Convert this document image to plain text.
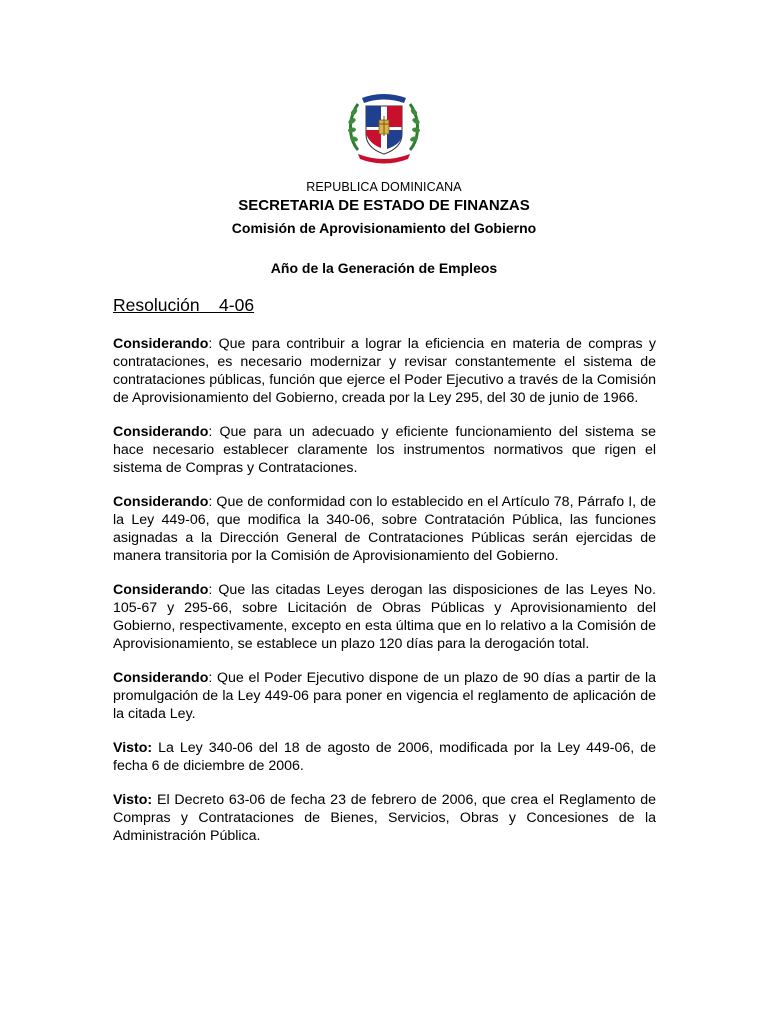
REPUBLICA DOMINICANA
SECRETARIA DE ESTADO DE FINANZAS
Comisión de Aprovisionamiento del Gobierno
Año de la Generación de Empleos
Resolución 4-06

Considerando: Que para contribuir a lograr la eficiencia en materia de compras y contrataciones, es necesario modernizar y revisar constantemente el sistema de contrataciones públicas, función que ejerce el Poder Ejecutivo a través de la Comisión de Aprovisionamiento del Gobierno, creada por la Ley 295, del 30 de junio de 1966.

Considerando: Que para un adecuado y eficiente funcionamiento del sistema se hace necesario establecer claramente los instrumentos normativos que rigen el sistema de Compras y Contrataciones.

Considerando: Que de conformidad con lo establecido en el Artículo 78, Párrafo I, de la Ley 449-06, que modifica la 340-06, sobre Contratación Pública, las funciones asignadas a la Dirección General de Contrataciones Públicas serán ejercidas de manera transitoria por la Comisión de Aprovisionamiento del Gobierno.

Considerando: Que las citadas Leyes derogan las disposiciones de las Leyes No. 105-67 y 295-66, sobre Licitación de Obras Públicas y Aprovisionamiento del Gobierno, respectivamente, excepto en esta última que en lo relativo a la Comisión de Aprovisionamiento, se establece un plazo 120 días para la derogación total.

Considerando: Que el Poder Ejecutivo dispone de un plazo de 90 días a partir de la promulgación de la Ley 449-06 para poner en vigencia el reglamento de aplicación de la citada Ley.

Visto: La Ley 340-06 del 18 de agosto de 2006, modificada por la Ley 449-06, de fecha 6 de diciembre de 2006.

Visto: El Decreto 63-06 de fecha 23 de febrero de 2006, que crea el Reglamento de Compras y Contrataciones de Bienes, Servicios, Obras y Concesiones de la Administración Pública.
